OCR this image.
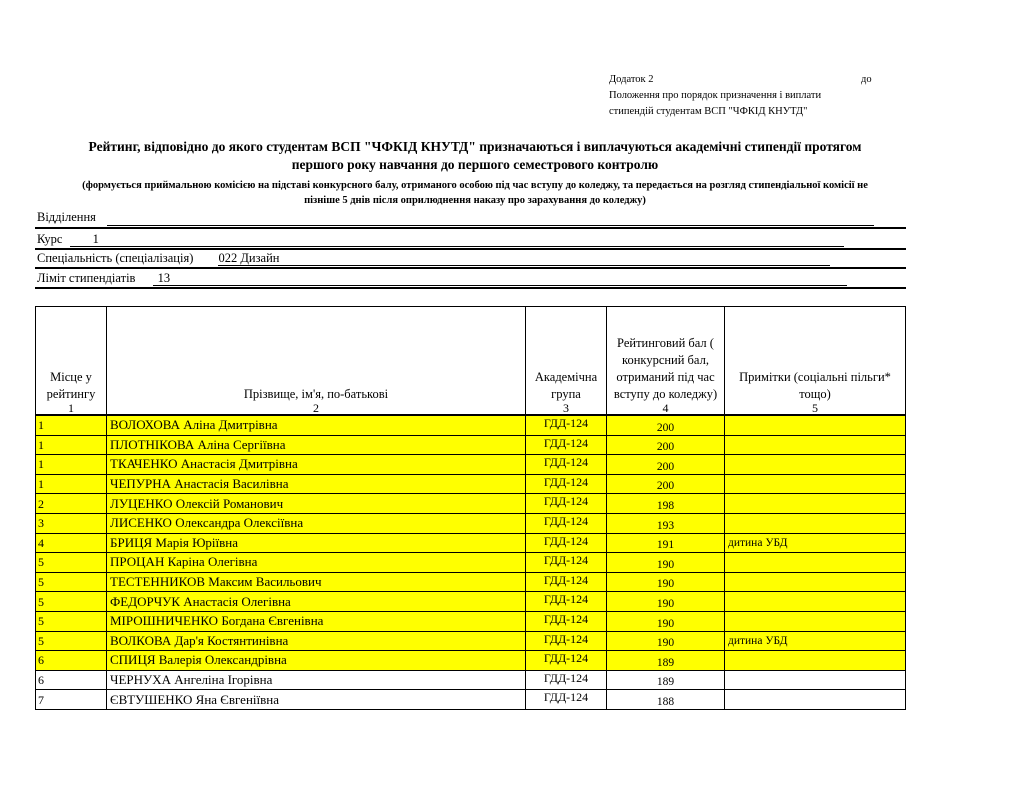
Додаток 2	до
Положення про порядок призначення і виплати
стипендій студентам ВСП "ЧФКІД КНУТД"
Рейтинг, відповідно до якого студентам ВСП "ЧФКІД КНУТД" призначаються і виплачуються академічні стипендії протягом
першого року навчання до першого семестрового контролю
(формується приймальною комісією на підставі конкурсного балу, отриманого особою під час вступу до коледжу, та передається на розгляд стипендіальної комісії не
пізніше 5 днів після оприлюднення наказу про зарахування до коледжу)
Відділення
Курс 1
Спеціальність (спеціалізація) 022 Дизайн
Ліміт стипендіатів 13
Місце у рейтингу	Прізвище, ім'я, по-батькові	Академічна група	Рейтинговий бал ( конкурсний бал, отриманий під час вступу до коледжу)	Примітки (соціальні пільги* тощо)
1	2	3	4	5
1	ВОЛОХОВА Аліна Дмитрівна	ГДД-124	200	
1	ПЛОТНІКОВА Аліна Сергіївна	ГДД-124	200	
1	ТКАЧЕНКО Анастасія Дмитрівна	ГДД-124	200	
1	ЧЕПУРНА Анастасія Василівна	ГДД-124	200	
2	ЛУЦЕНКО Олексій Романович	ГДД-124	198	
3	ЛИСЕНКО Олександра Олексіївна	ГДД-124	193	
4	БРИЦЯ Марія Юріївна	ГДД-124	191	дитина УБД
5	ПРОЦАН Каріна Олегівна	ГДД-124	190	
5	ТЕСТЕННИКОВ Максим Васильович	ГДД-124	190	
5	ФЕДОРЧУК Анастасія Олегівна	ГДД-124	190	
5	МІРОШНИЧЕНКО Богдана Євгенівна	ГДД-124	190	
5	ВОЛКОВА Дар'я Костянтинівна	ГДД-124	190	дитина УБД
6	СПИЦЯ Валерія Олександрівна	ГДД-124	189	
6	ЧЕРНУХА Ангеліна Ігорівна	ГДД-124	189	
7	ЄВТУШЕНКО Яна Євгеніївна	ГДД-124	188	
